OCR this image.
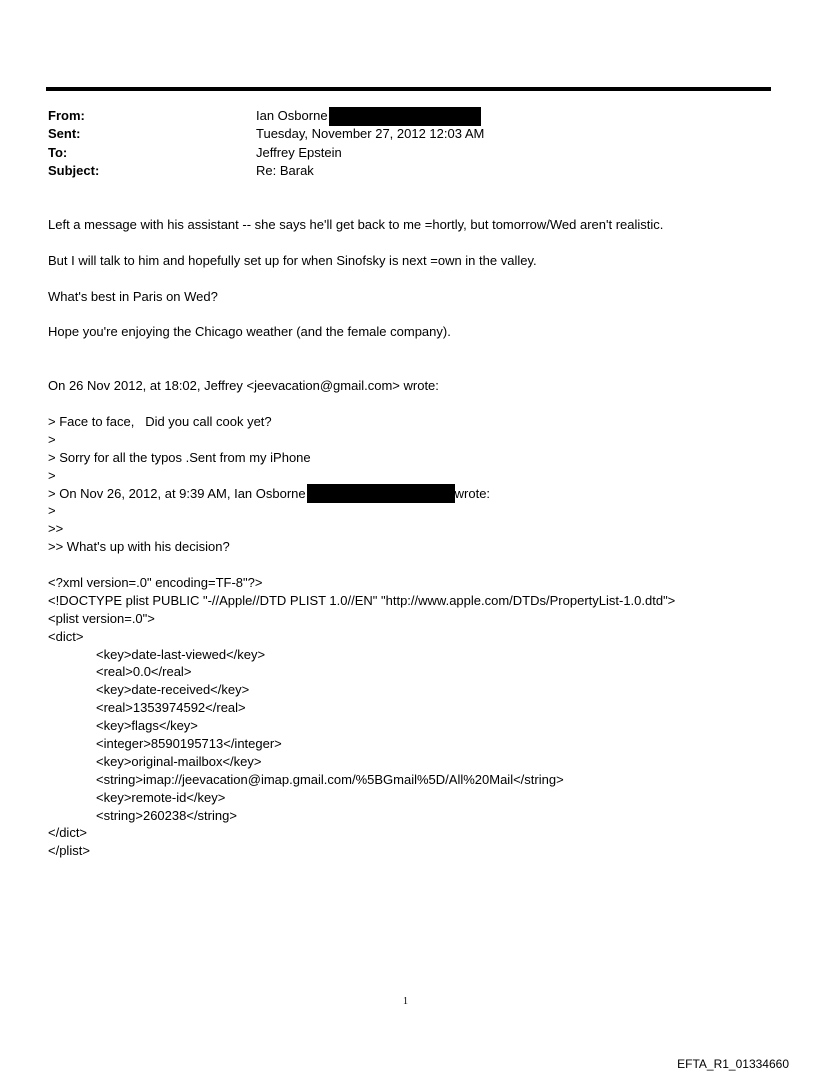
From:	Ian Osborne
Sent:	Tuesday, November 27, 2012 12:03 AM
To:	Jeffrey Epstein
Subject:	Re: Barak
Left a message with his assistant -- she says he'll get back to me =hortly, but tomorrow/Wed aren't realistic.
But I will talk to him and hopefully set up for when Sinofsky is next =own in the valley.
What's best in Paris on Wed?
Hope you're enjoying the Chicago weather (and the female company).
On 26 Nov 2012, at 18:02, Jeffrey <jeevacation@gmail.com> wrote:
> Face to face,   Did you call cook yet?
>
> Sorry for all the typos .Sent from my iPhone
>
> On Nov 26, 2012, at 9:39 AM, Ian Osborne	wrote:
>
>>
>> What's up with his decision?
<?xml version=.0" encoding=TF-8"?>
<!DOCTYPE plist PUBLIC "-//Apple//DTD PLIST 1.0//EN" "http://www.apple.com/DTDs/PropertyList-1.0.dtd">
<plist version=.0">
<dict>
<key>date-last-viewed</key>
<real>0.0</real>
<key>date-received</key>
<real>1353974592</real>
<key>flags</key>
<integer>8590195713</integer>
<key>original-mailbox</key>
<string>imap://jeevacation@imap.gmail.com/%5BGmail%5D/All%20Mail</string>
<key>remote-id</key>
<string>260238</string>
</dict>
</plist>
1
EFTA_R1_01334660
